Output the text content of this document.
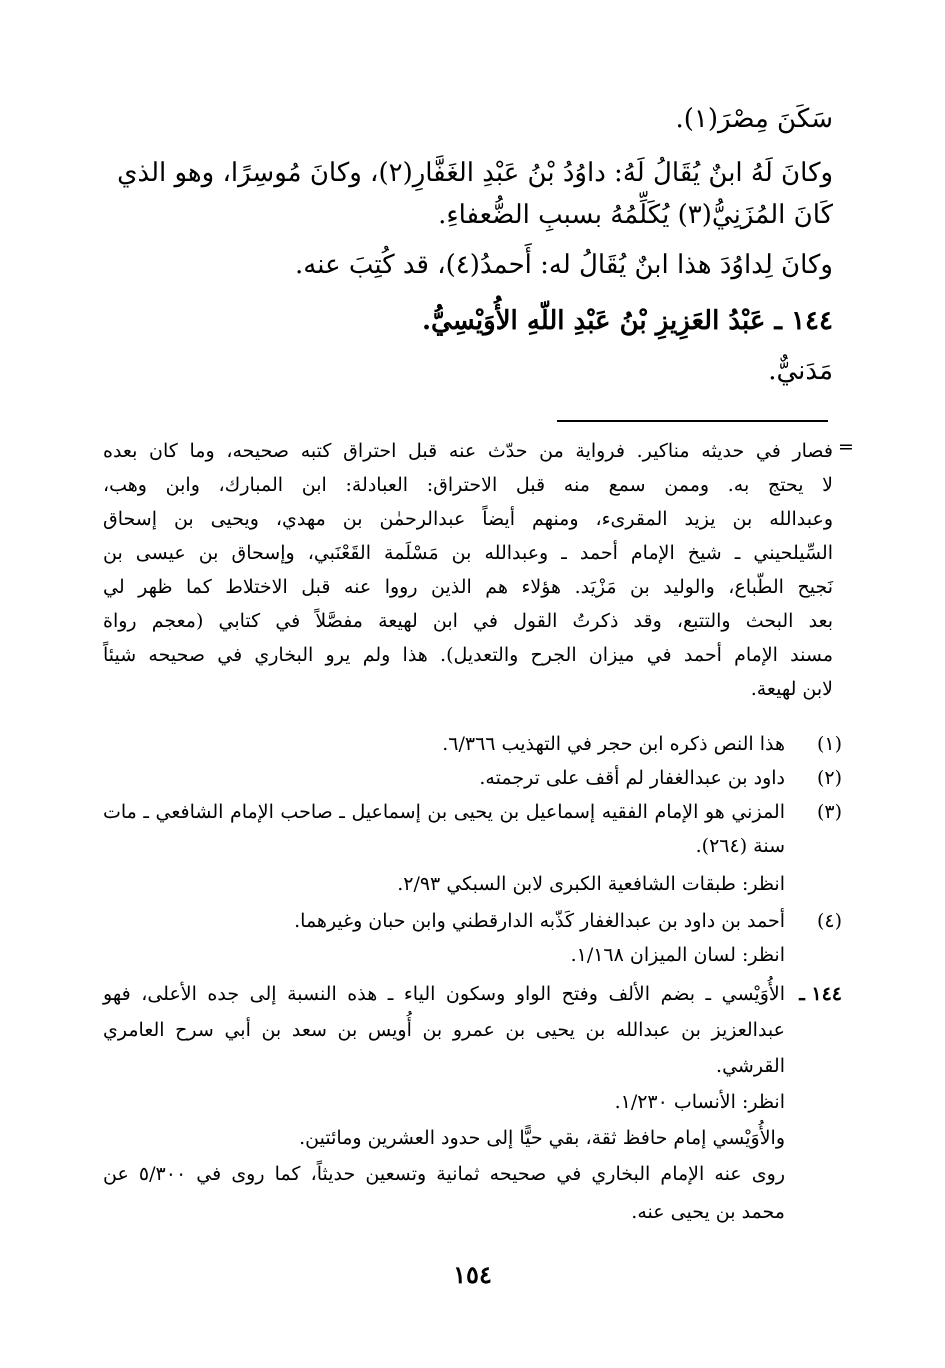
سَكَنَ مِصْرَ(١).
وكانَ لَهُ ابنٌ يُقَالُ لَهُ: داوُدُ بْنُ عَبْدِ الغَفَّارِ(٢)، وكانَ مُوسِرًا، وهو الذي
كَانَ المُزَنِيُّ(٣) يُكَلِّمُهُ بسببِ الضُّعفاءِ.
وكانَ لِداوُدَ هذا ابنٌ يُقَالُ له: أَحمدُ(٤)، قد كُتِبَ عنه.
١٤٤ ـ عَبْدُ العَزِيزِ بْنُ عَبْدِ اللّهِ الأُوَيْسِيُّ.
مَدَنيٌّ.
=
فصار في حديثه مناكير. فرواية من حدّث عنه قبل احتراق كتبه صحيحه، وما كان بعده
لا يحتج به. وممن سمع منه قبل الاحتراق: العبادلة: ابن المبارك، وابن وهب،
وعبدالله بن يزيد المقرىء، ومنهم أيضاً عبدالرحمٰن بن مهدي، ويحيى بن إسحاق
السِّيلحيني ـ شيخ الإمام أحمد ـ وعبدالله بن مَسْلَمة القَعْنَبي، وإسحاق بن عيسى بن
نَجيح الطّباع، والوليد بن مَزْيَد. هؤلاء هم الذين رووا عنه قبل الاختلاط كما ظهر لي
بعد البحث والتتبع، وقد ذكرتُ القول في ابن لهيعة مفصَّلاً في كتابي (معجم رواة
مسند الإمام أحمد في ميزان الجرح والتعديل). هذا ولم يرو البخاري في صحيحه شيئاً
لابن لهيعة.
(١)
هذا النص ذكره ابن حجر في التهذيب ٦/٣٦٦.
(٢)
داود بن عبدالغفار لم أقف على ترجمته.
(٣)
المزني هو الإمام الفقيه إسماعيل بن يحيى بن إسماعيل ـ صاحب الإمام الشافعي ـ مات
سنة (٢٦٤).
انظر: طبقات الشافعية الكبرى لابن السبكي ٢/٩٣.
(٤)
أحمد بن داود بن عبدالغفار كَذّبه الدارقطني وابن حبان وغيرهما.
انظر: لسان الميزان ١/١٦٨.
١٤٤ ـ
الأُوَيْسي ـ بضم الألف وفتح الواو وسكون الياء ـ هذه النسبة إلى جده الأعلى، فهو
عبدالعزيز بن عبدالله بن يحيى بن عمرو بن أُويس بن سعد بن أبي سرح العامري
القرشي.
انظر: الأنساب ١/٢٣٠.
والأُوَيْسي إمام حافظ ثقة، بقي حيًّا إلى حدود العشرين ومائتين.
روى عنه الإمام البخاري في صحيحه ثمانية وتسعين حديثاً، كما روى في ٥/٣٠٠ عن
محمد بن يحيى عنه.
١٥٤
